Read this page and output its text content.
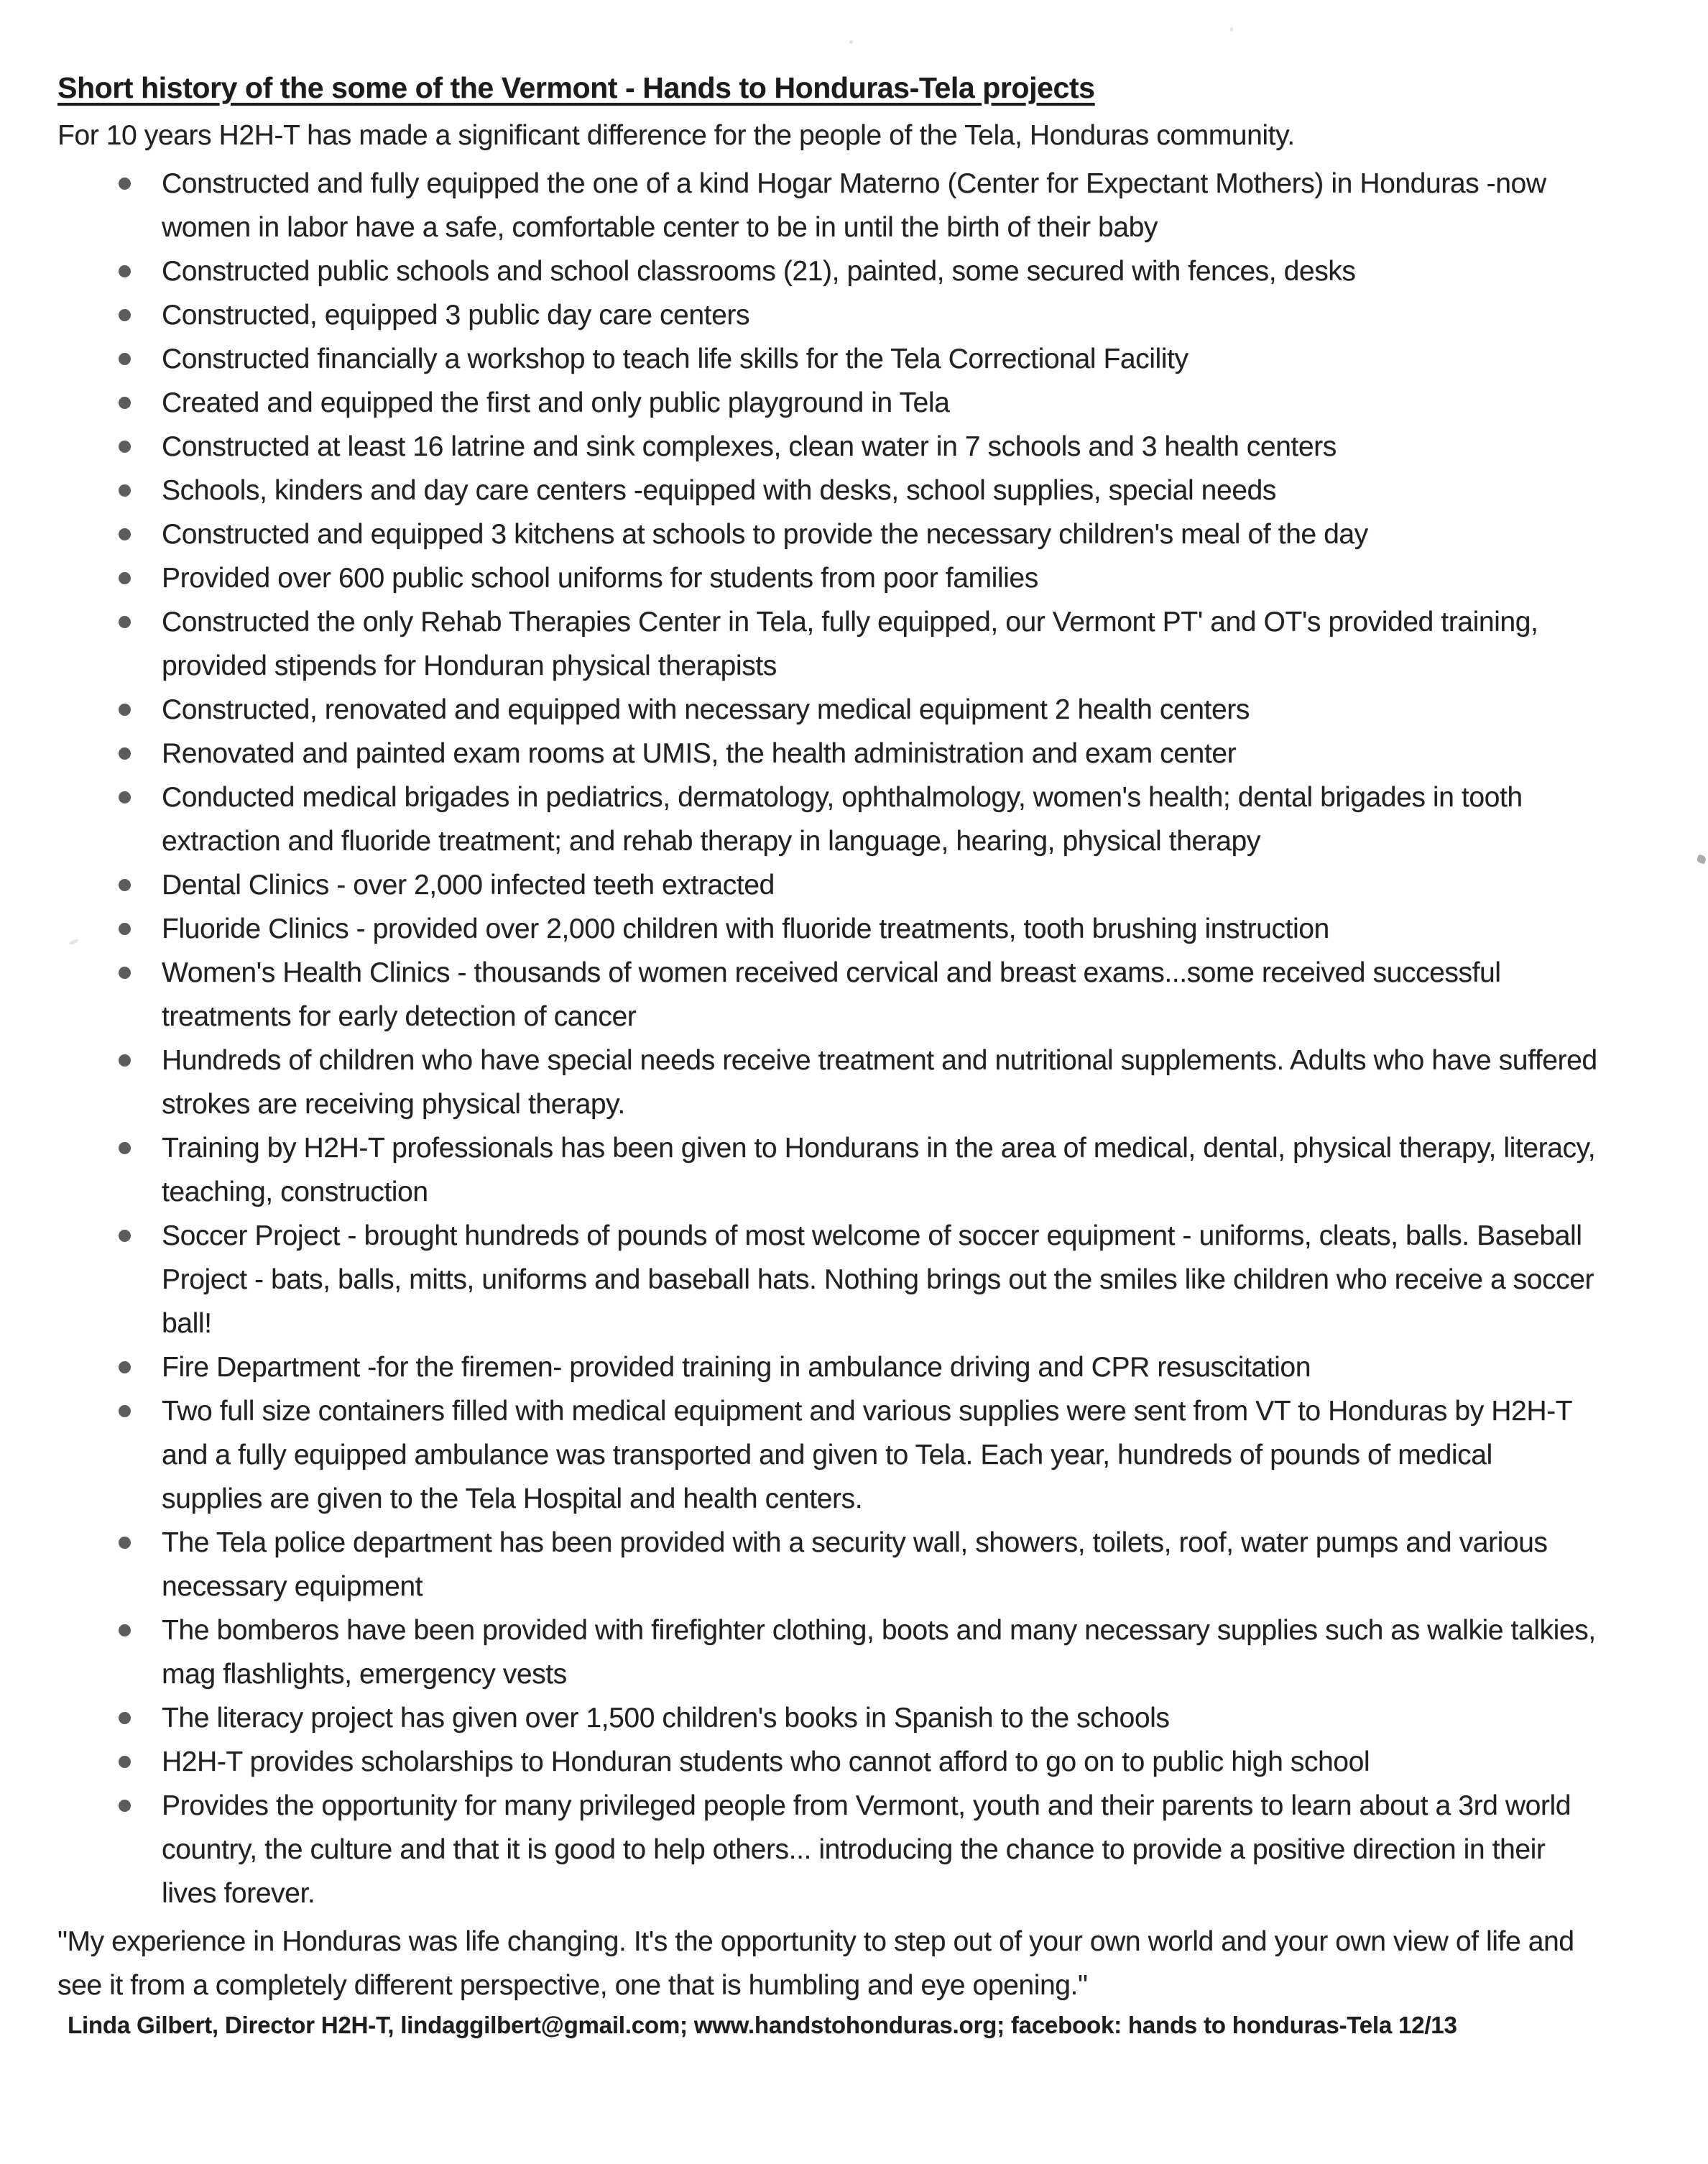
Short history of the some of the Vermont - Hands to Honduras-Tela projects

For 10 years H2H-T has made a significant difference for the people of the Tela, Honduras community.

Constructed and fully equipped the one of a kind Hogar Materno (Center for Expectant Mothers) in Honduras -now women in labor have a safe, comfortable center to be in until the birth of their baby
Constructed public schools and school classrooms (21), painted, some secured with fences, desks
Constructed, equipped 3 public day care centers
Constructed financially a workshop to teach life skills for the Tela Correctional Facility
Created and equipped the first and only public playground in Tela
Constructed at least 16 latrine and sink complexes, clean water in 7 schools and 3 health centers
Schools, kinders and day care centers -equipped with desks, school supplies, special needs
Constructed and equipped 3 kitchens at schools to provide the necessary children's meal of the day
Provided over 600 public school uniforms for students from poor families
Constructed the only Rehab Therapies Center in Tela, fully equipped, our Vermont PT' and OT's provided training, provided stipends for Honduran physical therapists
Constructed, renovated and equipped with necessary medical equipment 2 health centers
Renovated and painted exam rooms at UMIS, the health administration and exam center
Conducted medical brigades in pediatrics, dermatology, ophthalmology, women's health; dental brigades in tooth extraction and fluoride treatment; and rehab therapy in language, hearing, physical therapy
Dental Clinics - over 2,000 infected teeth extracted
Fluoride Clinics - provided over 2,000 children with fluoride treatments, tooth brushing instruction
Women's Health Clinics - thousands of women received cervical and breast exams...some received successful treatments for early detection of cancer
Hundreds of children who have special needs receive treatment and nutritional supplements. Adults who have suffered strokes are receiving physical therapy.
Training by H2H-T professionals has been given to Hondurans in the area of medical, dental, physical therapy, literacy, teaching, construction
Soccer Project - brought hundreds of pounds of most welcome of soccer equipment - uniforms, cleats, balls. Baseball Project - bats, balls, mitts, uniforms and baseball hats. Nothing brings out the smiles like children who receive a soccer ball!
Fire Department -for the firemen- provided training in ambulance driving and CPR resuscitation
Two full size containers filled with medical equipment and various supplies were sent from VT to Honduras by H2H-T and a fully equipped ambulance was transported and given to Tela. Each year, hundreds of pounds of medical supplies are given to the Tela Hospital and health centers.
The Tela police department has been provided with a security wall, showers, toilets, roof, water pumps and various necessary equipment
The bomberos have been provided with firefighter clothing, boots and many necessary supplies such as walkie talkies, mag flashlights, emergency vests
The literacy project has given over 1,500 children's books in Spanish to the schools
H2H-T provides scholarships to Honduran students who cannot afford to go on to public high school
Provides the opportunity for many privileged people from Vermont, youth and their parents to learn about a 3rd world country, the culture and that it is good to help others... introducing the chance to provide a positive direction in their lives forever.

"My experience in Honduras was life changing. It's the opportunity to step out of your own world and your own view of life and see it from a completely different perspective, one that is humbling and eye opening."

Linda Gilbert, Director H2H-T, lindaggilbert@gmail.com; www.handstohonduras.org; facebook: hands to honduras-Tela 12/13
